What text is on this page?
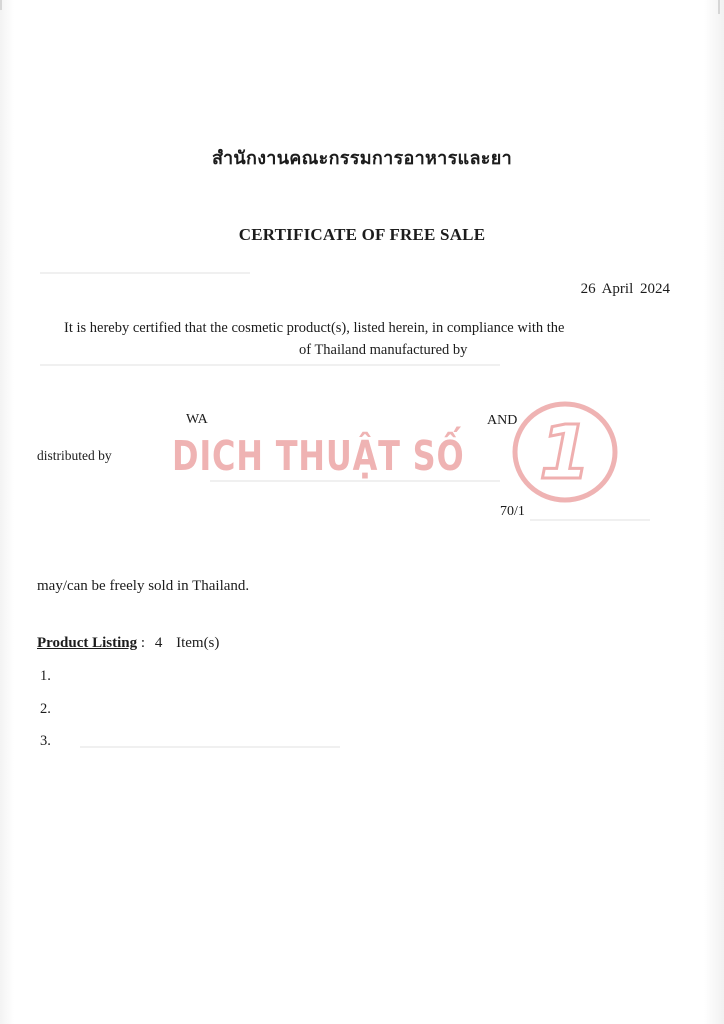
สำนักงานคณะกรรมการอาหารและยา
CERTIFICATE OF FREE SALE
26 April 2024
It is hereby certified that the cosmetic product(s), listed herein, in compliance with the
of Thailand manufactured by
WA	AND
distributed by
70/1
DICH THUẬT SỐ 1
may/can be freely sold in Thailand.
Product Listing : 4 Item(s)
1.
2.
3.
